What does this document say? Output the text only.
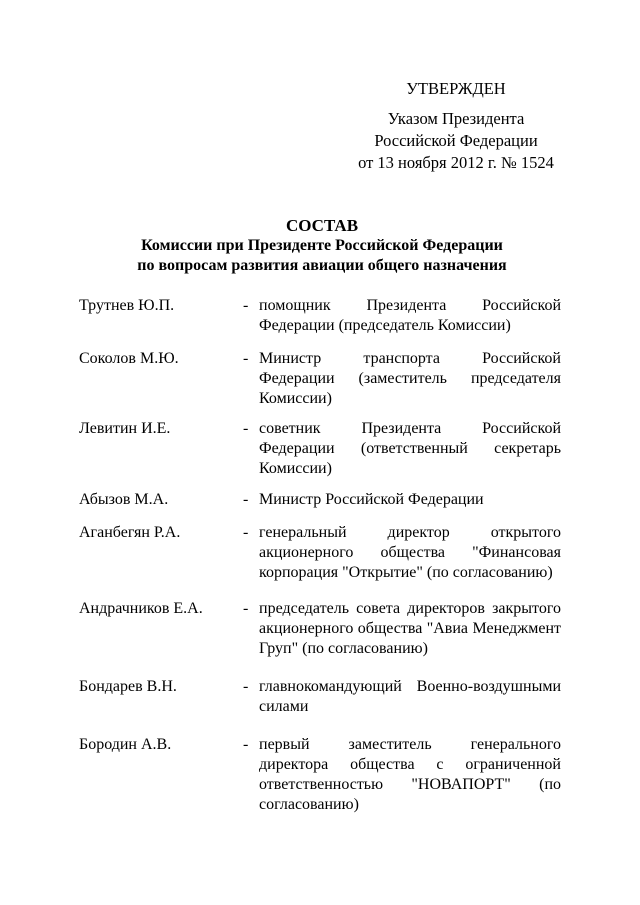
УТВЕРЖДЕН
Указом Президента
Российской Федерации
от 13 ноября 2012 г. № 1524
СОСТАВ
Комиссии при Президенте Российской Федерации
по вопросам развития авиации общего назначения
Трутнев Ю.П.	- помощник Президента Российской Федерации (председатель Комиссии)
Соколов М.Ю.	- Министр транспорта Российской Федерации (заместитель председателя Комиссии)
Левитин И.Е.	- советник Президента Российской Федерации (ответственный секретарь Комиссии)
Абызов М.А.	- Министр Российской Федерации
Аганбегян Р.А.	- генеральный директор открытого акционерного общества "Финансовая корпорация "Открытие" (по согласованию)
Андрачников Е.А.	- председатель совета директоров закрытого акционерного общества "Авиа Менеджмент Груп" (по согласованию)
Бондарев В.Н.	- главнокомандующий Военно-воздушными силами
Бородин А.В.	- первый заместитель генерального директора общества с ограниченной ответственностью "НОВАПОРТ" (по согласованию)
